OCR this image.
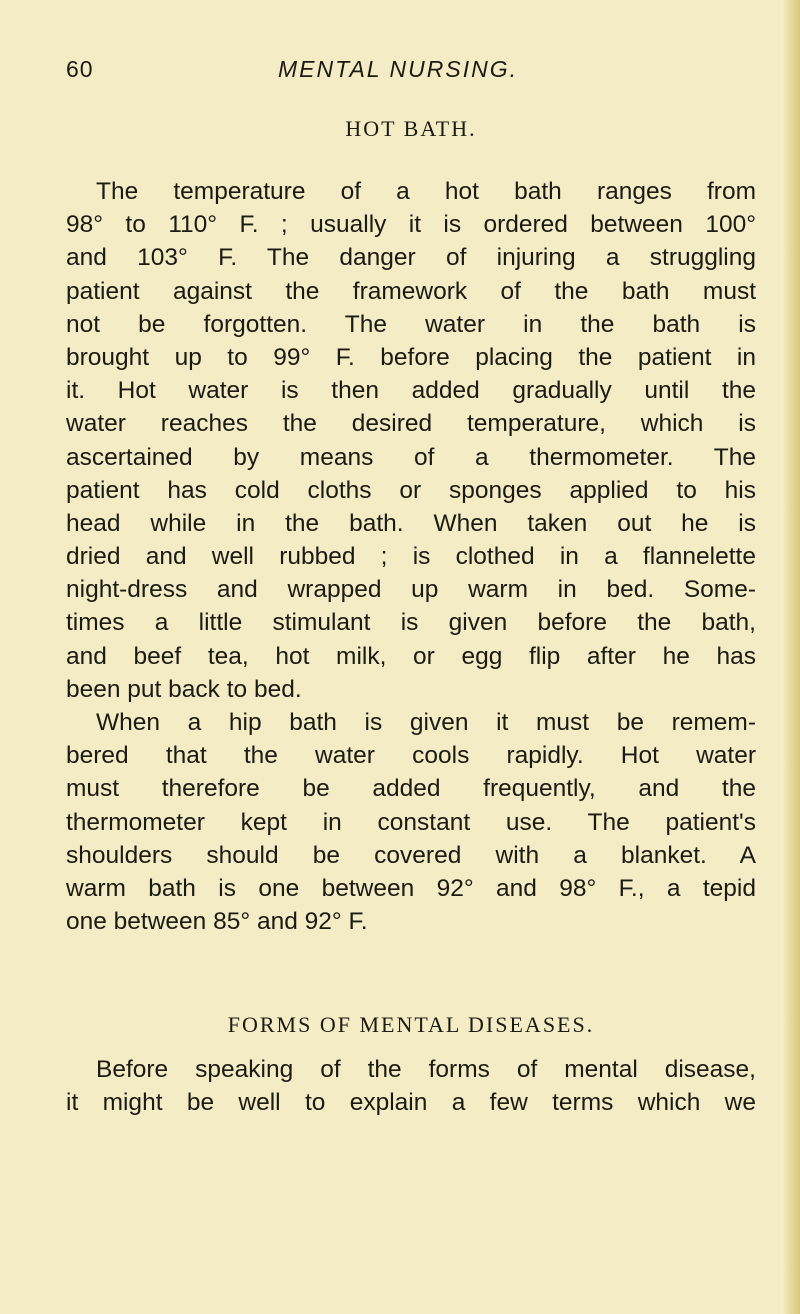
60	MENTAL NURSING.
HOT BATH.
The temperature of a hot bath ranges from
98° to 110° F. ; usually it is ordered between 100°
and 103° F. The danger of injuring a struggling
patient against the framework of the bath must
not be forgotten. The water in the bath is
brought up to 99° F. before placing the patient in
it. Hot water is then added gradually until the
water reaches the desired temperature, which is
ascertained by means of a thermometer. The
patient has cold cloths or sponges applied to his
head while in the bath. When taken out he is
dried and well rubbed ; is clothed in a flannelette
night-dress and wrapped up warm in bed. Some-
times a little stimulant is given before the bath,
and beef tea, hot milk, or egg flip after he has
been put back to bed.
When a hip bath is given it must be remem-
bered that the water cools rapidly. Hot water
must therefore be added frequently, and the
thermometer kept in constant use. The patient's
shoulders should be covered with a blanket. A
warm bath is one between 92° and 98° F., a tepid
one between 85° and 92° F.
FORMS OF MENTAL DISEASES.
Before speaking of the forms of mental disease,
it might be well to explain a few terms which we
